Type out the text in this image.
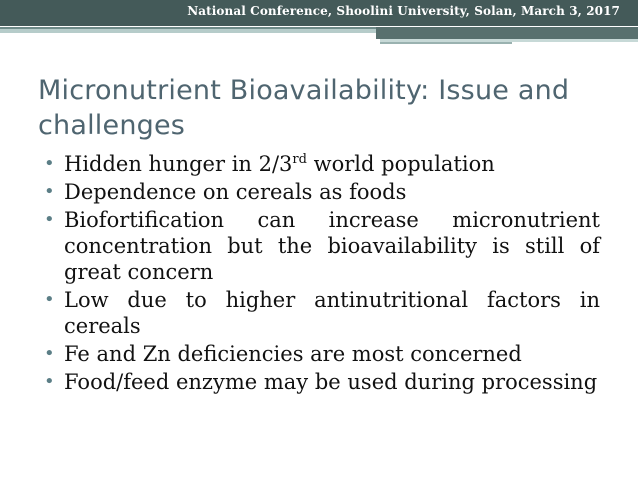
National Conference, Shoolini University, Solan, March 3, 2017
Micronutrient Bioavailability: Issue and challenges
• Hidden hunger in 2/3rd world population
• Dependence on cereals as foods
• Biofortification can increase micronutrient concentration but the bioavailability is still of great concern
• Low due to higher antinutritional factors in cereals
• Fe and Zn deficiencies are most concerned
• Food/feed enzyme may be used during processing
